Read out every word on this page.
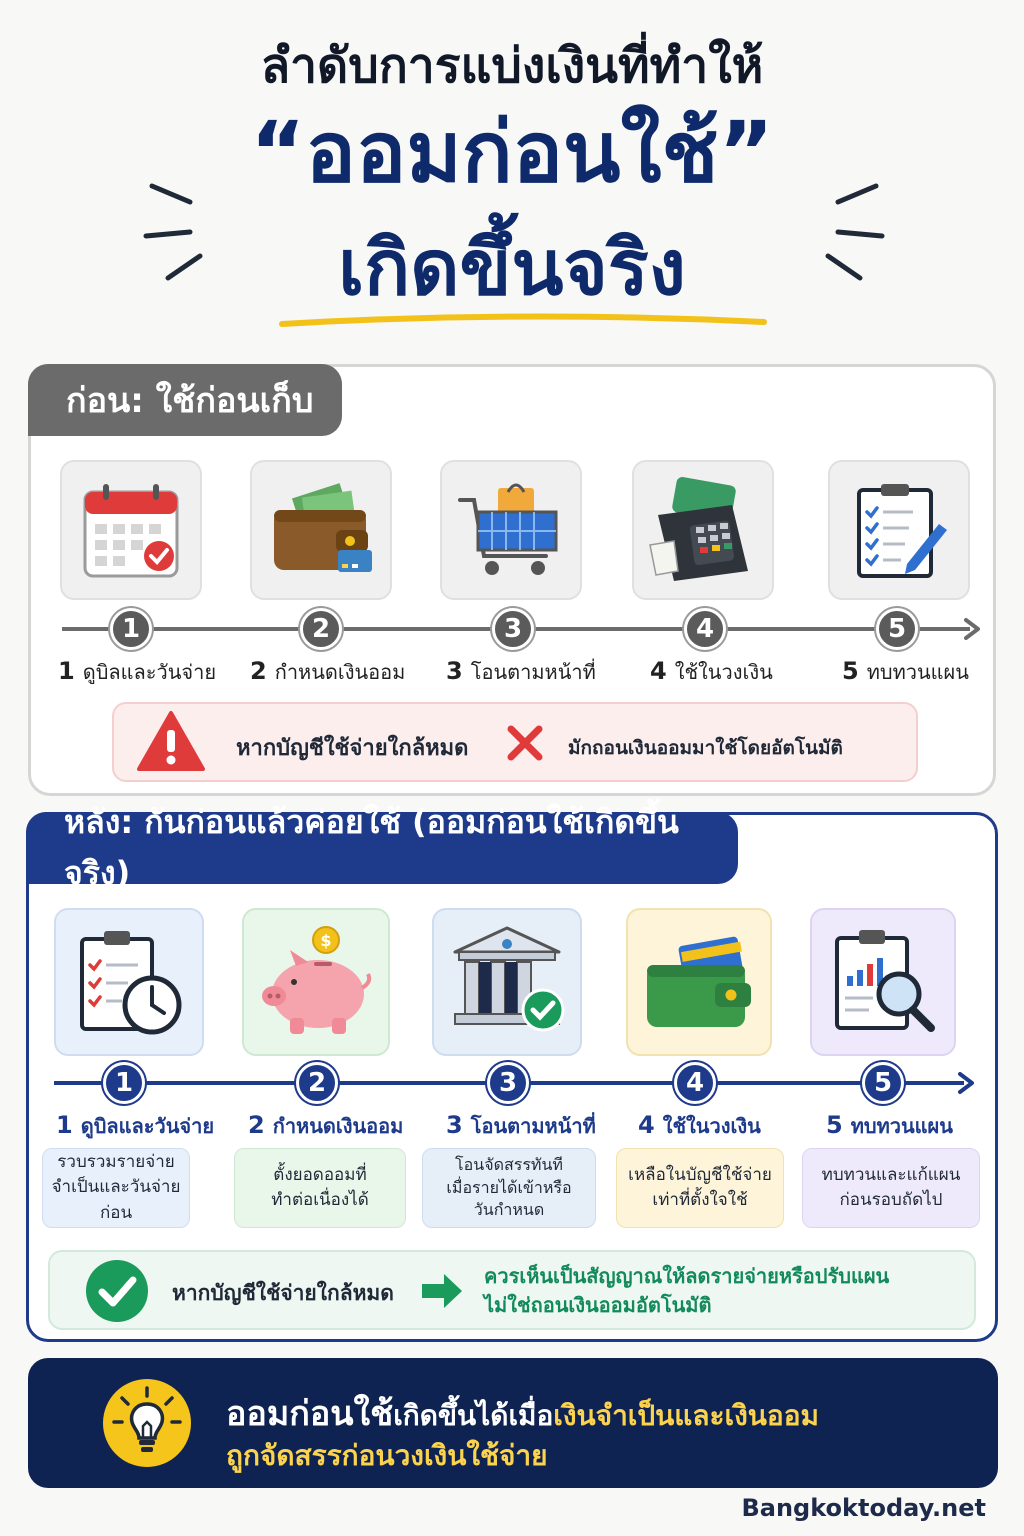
ลำดับการแบ่งเงินที่ทำให้
“ออมก่อนใช้”
เกิดขึ้นจริง
ก่อน: ใช้ก่อนเก็บ
1	2	3	4	5
1 ดูบิลและวันจ่าย 2 กำหนดเงินออม 3 โอนตามหน้าที่ 4 ใช้ในวงเงิน	5 ทบทวนแผน
หากบัญชีใช้จ่ายใกล้หมด	มักถอนเงินออมมาใช้โดยอัตโนมัติ
หลัง: กันก่อนแล้วค่อยใช้ (ออมก่อนใช้เกิดขึ้นจริง)
$
1	2	3	4	5
1 ดูบิลและวันจ่าย 2 กำหนดเงินออม 3 โอนตามหน้าที่ 4 ใช้ในวงเงิน	5 ทบทวนแผน
รวบรวมรายจ่าย
จำเป็นและวันจ่ายก่อน
ตั้งยอดออมที่
ทำต่อเนื่องได้
โอนจัดสรรทันที
เมื่อรายได้เข้าหรือ
วันกำหนด
เหลือในบัญชีใช้จ่าย
เท่าที่ตั้งใจใช้
ทบทวนและแก้แผน
ก่อนรอบถัดไป
หากบัญชีใช้จ่ายใกล้หมด
ควรเห็นเป็นสัญญาณให้ลดรายจ่ายหรือปรับแผน
ไม่ใช่ถอนเงินออมอัตโนมัติ
ออมก่อนใช้เกิดขึ้นได้เมื่อเงินจำเป็นและเงินออม
ถูกจัดสรรก่อนวงเงินใช้จ่าย
Bangkoktoday.net
